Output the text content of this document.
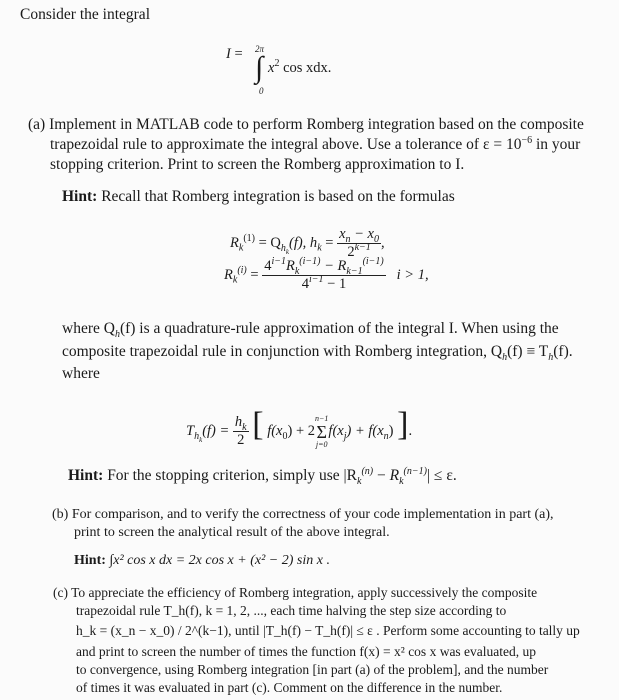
Consider the integral
I = 2π
∫
0
$x^2$ cos xdx.
(a) Implement in MATLAB code to perform Romberg integration based on the composite
trapezoidal rule to approximate the integral above. Use a tolerance of $\varepsilon = 10^{-6}$ in your
stopping criterion. Print to screen the Romberg approximation to I.
Hint: Recall that Romberg integration is based on the formulas
$R_k^{(1)} = Q_{h_k}(f)$, $h_k = \frac{x_n - x_0}{2^{k-1}}$ ,
$R_k^{(i)} = \frac{4^{i-1}R_k^{(i-1)} - R_{k-1}^{(i-1)}}{4^{i-1} - 1}$ i > 1,
where $Q_h(f)$ is a quadrature-rule approximation of the integral I. When using the
composite trapezoidal rule in conjunction with Romberg integration, $Q_h(f) \equiv T_h(f)$.
where
$T_{h_k}(f) = \frac{h_k}{2}$ [ $f(x_0) + 2$
n−1
Σ
j=0
$f(x_j) + f(x_n)$ ].
Hint: For the stopping criterion, simply use $|R_k^{(n)} - R_k^{(n-1)}| \le \varepsilon$.
(b) For comparison, and to verify the correctness of your code implementation in part (a),
print to screen the analytical result of the above integral.
Hint: ∫x² cos x dx = 2x cos x + (x² − 2) sin x .
(c) To appreciate the efficiency of Romberg integration, apply successively the composite
trapezoidal rule T_h(f), k = 1, 2, ..., each time halving the step size according to
h_k = (x_n − x_0) / 2^(k−1), until |T_h(f) − T_h(f)| ≤ ε . Perform some accounting to tally up
and print to screen the number of times the function f(x) = x² cos x was evaluated, up
to convergence, using Romberg integration [in part (a) of the problem], and the number
of times it was evaluated in part (c). Comment on the difference in the number.
